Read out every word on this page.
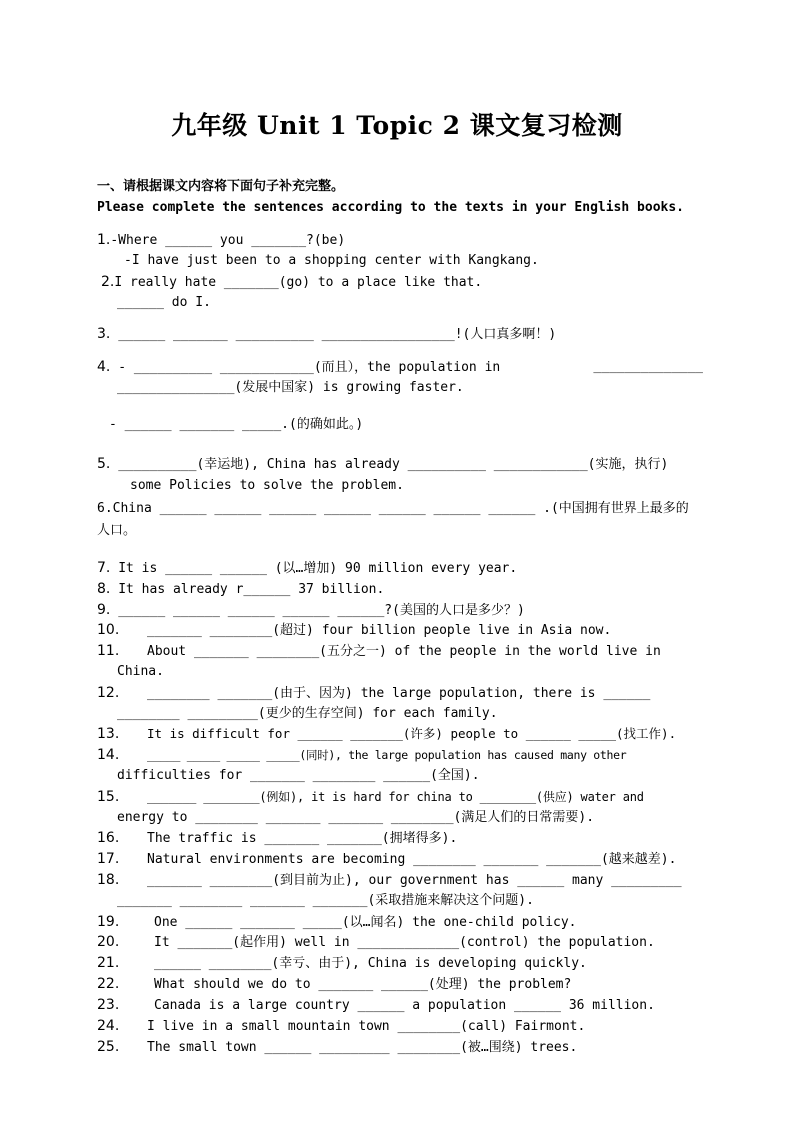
九年级 Unit 1 Topic 2 课文复习检测
一、请根据课文内容将下面句子补充完整。
Please complete the sentences according to the texts in your English books.
1.-Where ______ you _______?(be)
-I have just been to a shopping center with Kangkang.
2.I really hate _______(go) to a place like that.
______ do I.
3. ______ _______ __________ _________________!(人口真多啊！)
4. - __________ ____________(而且），the population in	______________
_______________(发展中国家) is growing faster.
- ______ _______ _____.(的确如此。)
5. __________(幸运地), China has already __________ ____________(实施，执行)
some Policies to solve the problem.
6.China ______ ______ ______ ______ ______ ______ ______ .(中国拥有世界上最多的
人口。
7. It is ______ ______ (以…增加) 90 million every year.
8. It has already r______ 37 billion.
9. ______ ______ ______ ______ ______?(美国的人口是多少？)
10. _______ ________(超过) four billion people live in Asia now.
11. About _______ ________(五分之一) of the people in the world live in
China.
12. ________ _______(由于、因为) the large population, there is ______
________ _________(更少的生存空间) for each family.
13. It is difficult for ______ _______(许多) people to ______ _____(找工作).
14. _____ _____ _____ _____(同时), the large population has caused many other
difficulties for _______ ________ ______(全国).
15. _______ ________(例如), it is hard for china to ________(供应) water and
energy to ________ _______ _______ ________(满足人们的日常需要).
16. The traffic is _______ _______(拥堵得多).
17. Natural environments are becoming ________ _______ _______(越来越差).
18. _______ ________(到目前为止), our government has ______ many _________
_______ ________ _______ _______(采取措施来解决这个问题).
19.	One ______ _______ _____(以…闻名) the one-child policy.
20.	It _______(起作用) well in _____________(control) the population.
21.	______ ________(幸亏、由于), China is developing quickly.
22.	What should we do to _______ ______(处理) the problem?
23.	Canada is a large country ______ a population ______ 36 million.
24. I live in a small mountain town ________(call) Fairmont.
25. The small town ______ _________ ________(被…围绕) trees.
